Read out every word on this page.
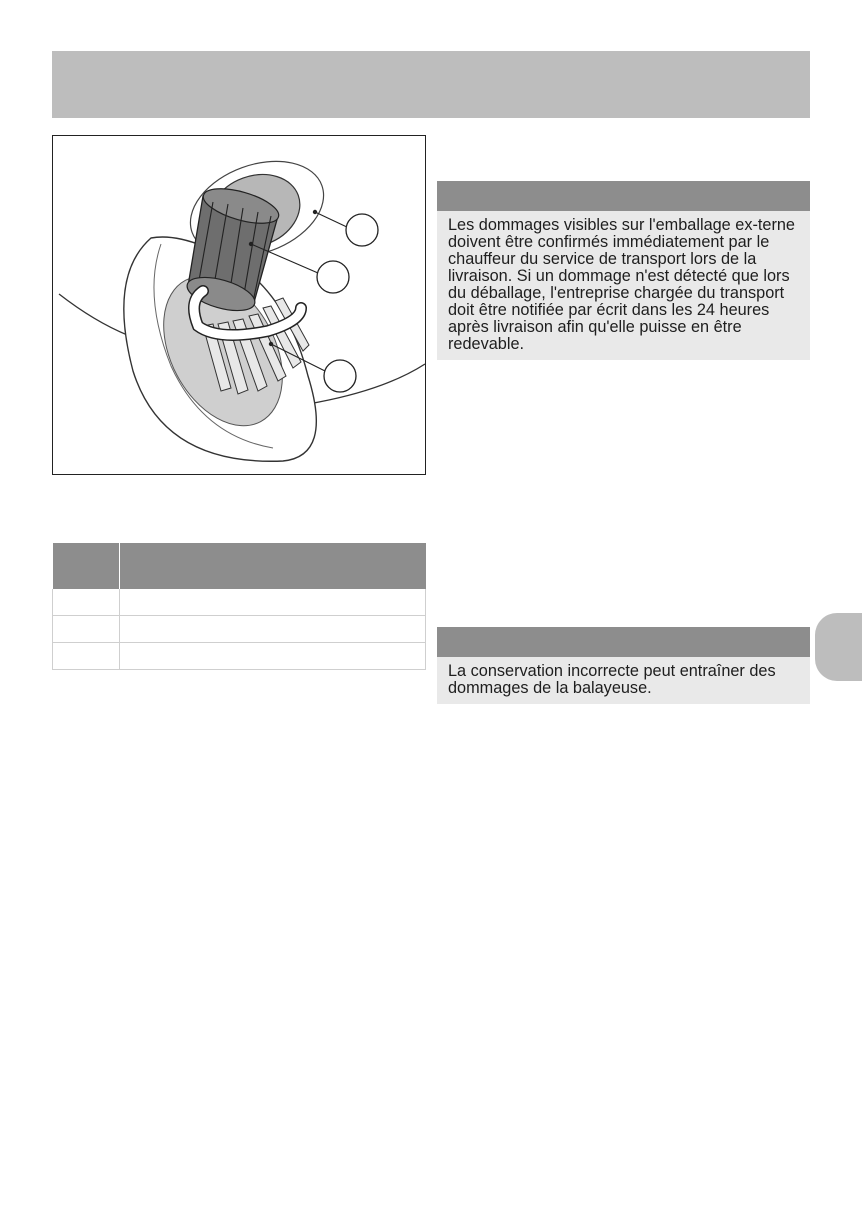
Les dommages visibles sur l'emballage ex-terne doivent être confirmés immédiatement par le chauffeur du service de transport lors de la livraison. Si un dommage n'est détecté que lors du déballage, l'entreprise chargée du transport doit être notifiée par écrit dans les 24 heures après livraison afin qu'elle puisse en être redevable.
La conservation incorrecte peut entraîner des dommages de la balayeuse.
